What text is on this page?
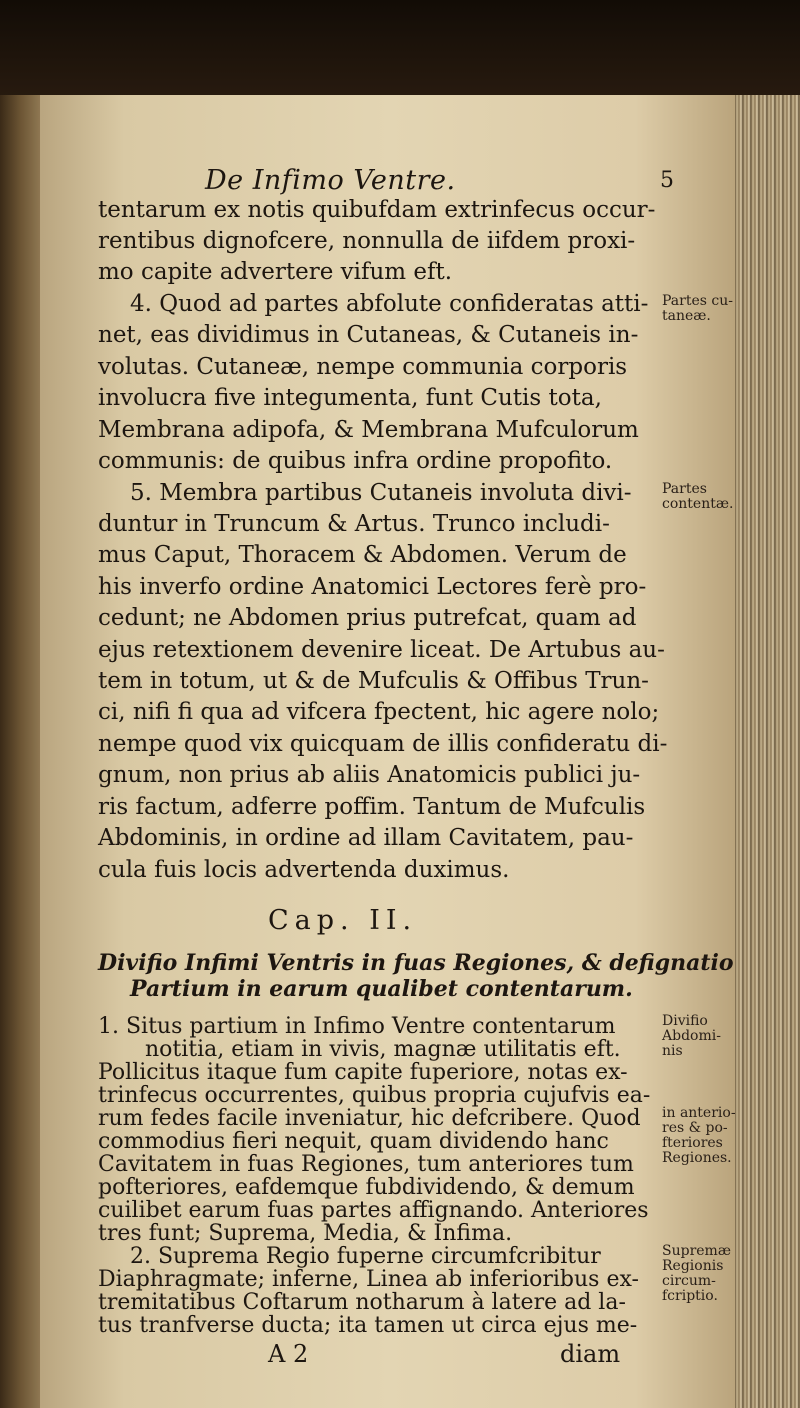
De Infimo Ventre.	5
tentarum ex notis quibufdam extrinfecus occur-
rentibus dignofcere, nonnulla de iifdem proxi-
mo capite advertere vifum eft.
4. Quod ad partes abfolute confideratas atti-
net, eas dividimus in Cutaneas, & Cutaneis in-
volutas. Cutaneæ, nempe communia corporis
involucra five integumenta, funt Cutis tota,
Membrana adipofa, & Membrana Mufculorum
communis: de quibus infra ordine propofito.
5. Membra partibus Cutaneis involuta divi-
duntur in Truncum & Artus. Trunco includi-
mus Caput, Thoracem & Abdomen. Verum de
his inverfo ordine Anatomici Lectores ferè pro-
cedunt; ne Abdomen prius putrefcat, quam ad
ejus retextionem devenire liceat. De Artubus au-
tem in totum, ut & de Mufculis & Offibus Trun-
ci, nifi fi qua ad vifcera fpectent, hic agere nolo;
nempe quod vix quicquam de illis confideratu di-
gnum, non prius ab aliis Anatomicis publici ju-
ris factum, adferre poffim. Tantum de Mufculis
Abdominis, in ordine ad illam Cavitatem, pau-
cula fuis locis advertenda duximus.
Partes cu-
taneæ.
Partes
contentæ.
Cap. II.
Divifio Infimi Ventris in fuas Regiones, & defignatio
Partium in earum qualibet contentarum.
1. Situs partium in Infimo Ventre contentarum
notitia, etiam in vivis, magnæ utilitatis eft.
Pollicitus itaque fum capite fuperiore, notas ex-
trinfecus occurrentes, quibus propria cujufvis ea-
rum fedes facile inveniatur, hic defcribere. Quod
commodius fieri nequit, quam dividendo hanc
Cavitatem in fuas Regiones, tum anteriores tum
pofteriores, eafdemque fubdividendo, & demum
cuilibet earum fuas partes affignando. Anteriores
tres funt; Suprema, Media, & Infima.
2. Suprema Regio fuperne circumfcribitur
Diaphragmate; inferne, Linea ab inferioribus ex-
tremitatibus Coftarum notharum à latere ad la-
tus tranfverse ducta; ita tamen ut circa ejus me-
A 2	diam
Divifio
Abdomi-
nis
in anterio-
res & po-
fteriores
Regiones.
Supremæ
Regionis
circum-
fcriptio.
